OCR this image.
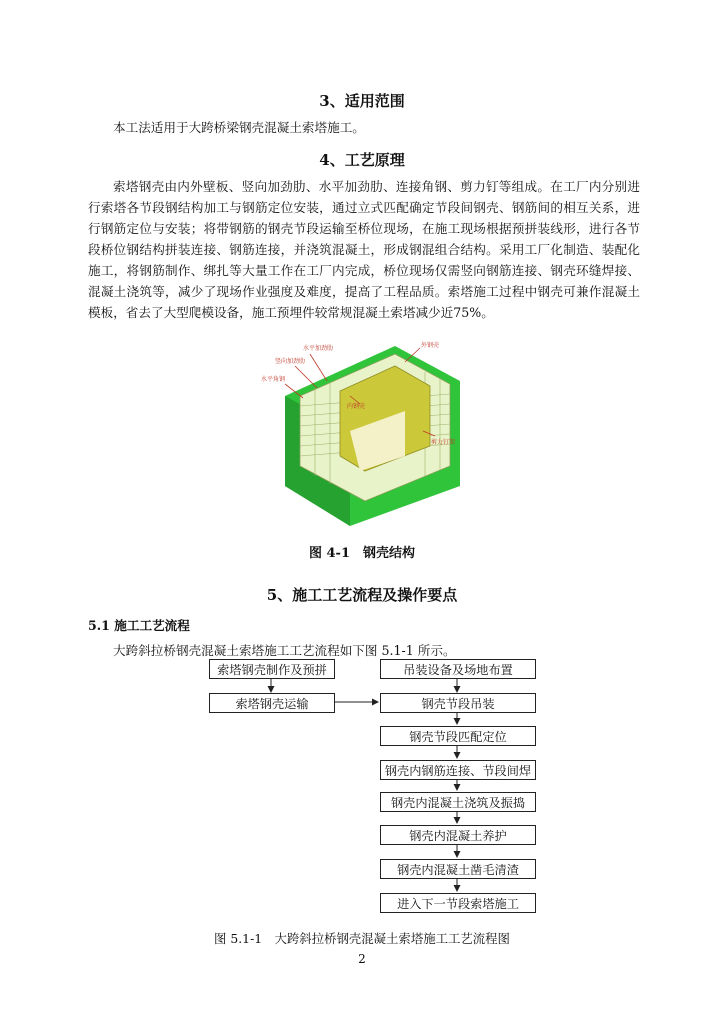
3、适用范围

本工法适用于大跨桥梁钢壳混凝土索塔施工。

4、工艺原理

索塔钢壳由内外壁板、竖向加劲肋、水平加劲肋、连接角钢、剪力钉等组成。在工厂内分别进行索塔各节段钢结构加工与钢筋定位安装，通过立式匹配确定节段间钢壳、钢筋间的相互关系，进行钢筋定位与安装；将带钢筋的钢壳节段运输至桥位现场，在施工现场根据预拼装线形，进行各节段桥位钢结构拼装连接、钢筋连接，并浇筑混凝土，形成钢混组合结构。采用工厂化制造、装配化施工，将钢筋制作、绑扎等大量工作在工厂内完成，桥位现场仅需竖向钢筋连接、钢壳环缝焊接、混凝土浇筑等，减少了现场作业强度及难度，提高了工程品质。索塔施工过程中钢壳可兼作混凝土模板，省去了大型爬模设备，施工预埋件较常规混凝土索塔减少近75%。

水平加劲肋
竖向加劲肋
水平角钢
外钢壳
内钢壳
剪力钉架
图 4-1　钢壳结构
5、施工工艺流程及操作要点
5.1 施工工艺流程

大跨斜拉桥钢壳混凝土索塔施工工艺流程如下图 5.1-1 所示。

索塔钢壳制作及预拼
索塔钢壳运输
吊装设备及场地布置
钢壳节段吊装
钢壳节段匹配定位
钢壳内钢筋连接、节段间焊
钢壳内混凝土浇筑及振捣
钢壳内混凝土养护
钢壳内混凝土凿毛清渣
进入下一节段索塔施工
图 5.1-1　大跨斜拉桥钢壳混凝土索塔施工工艺流程图
2
